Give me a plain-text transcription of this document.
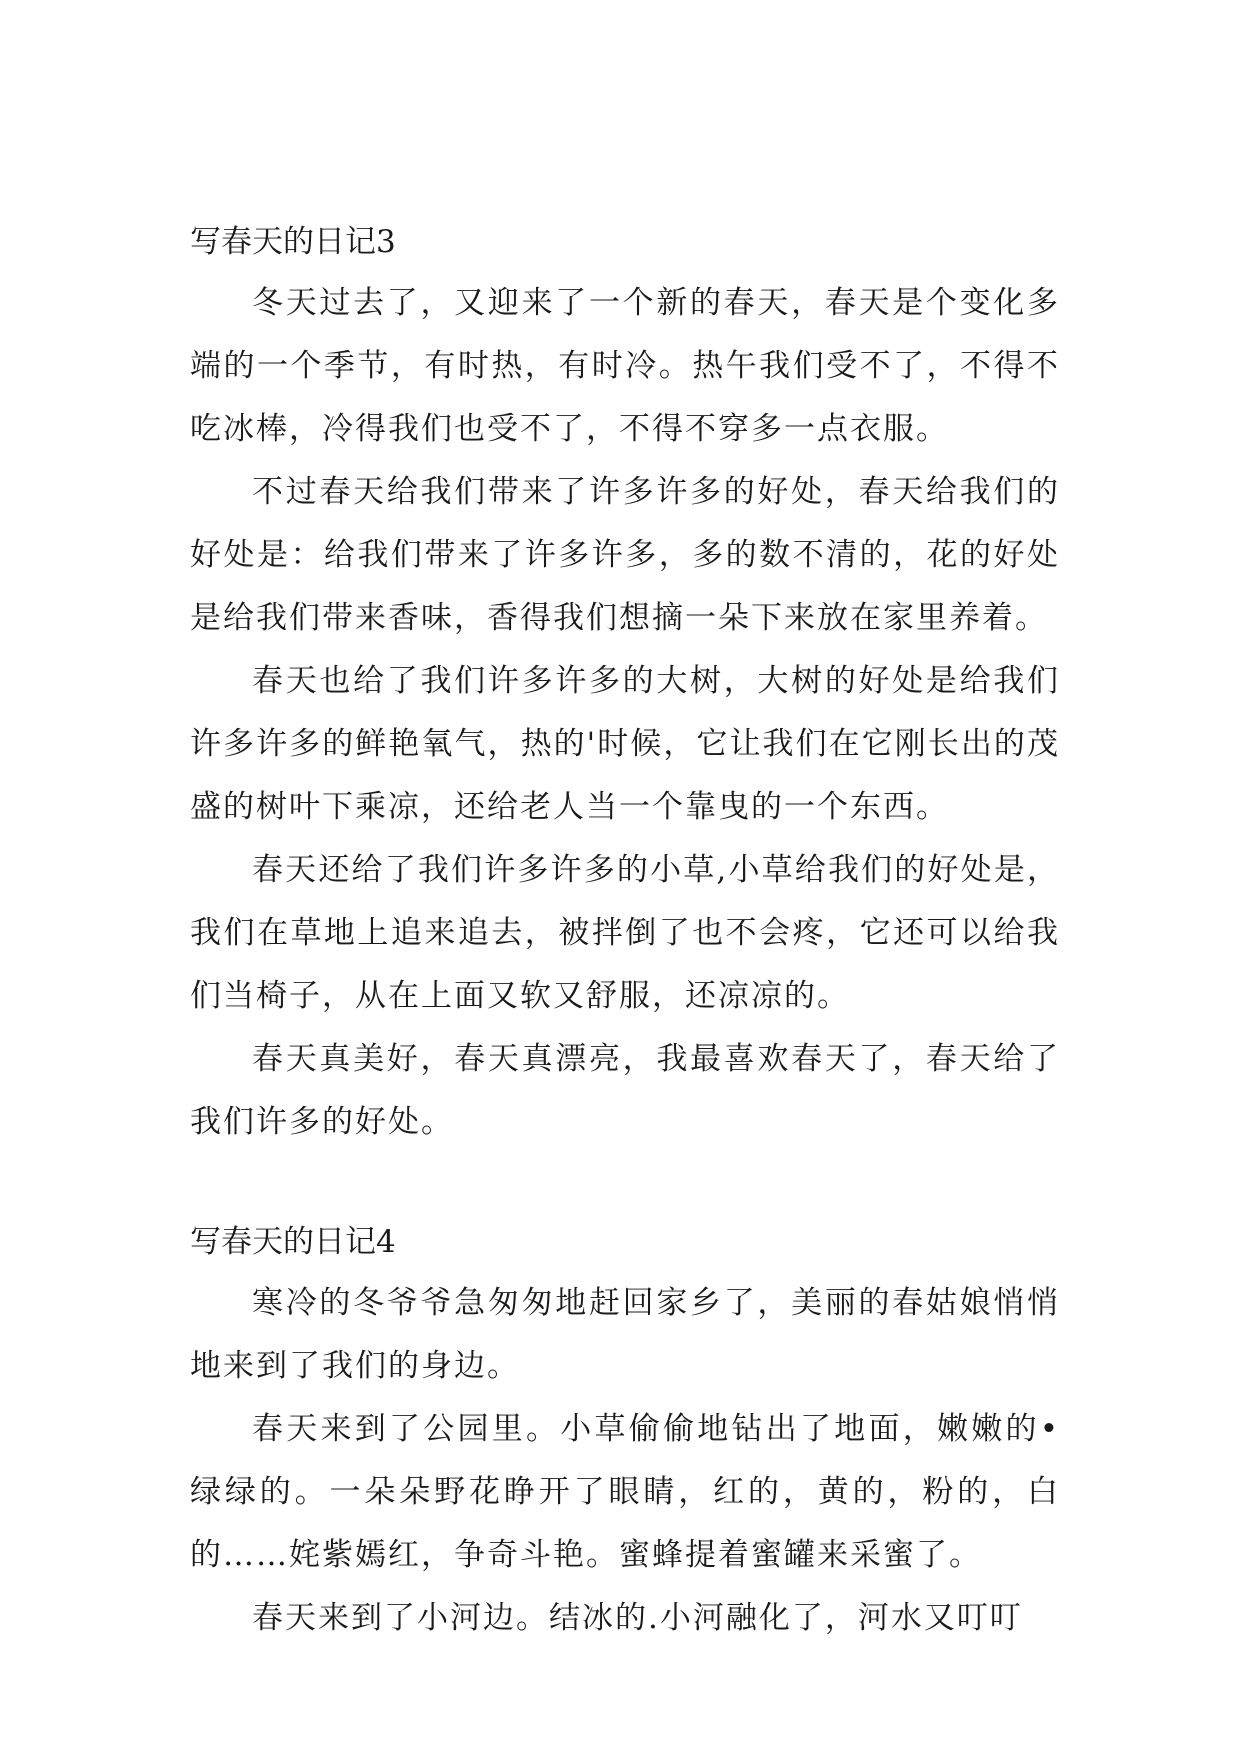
写春天的日记3

冬天过去了，又迎来了一个新的春天，春天是个变化多端的一个季节，有时热，有时冷。热午我们受不了，不得不吃冰棒，冷得我们也受不了，不得不穿多一点衣服。

不过春天给我们带来了许多许多的好处，春天给我们的好处是：给我们带来了许多许多，多的数不清的，花的好处是给我们带来香味，香得我们想摘一朵下来放在家里养着。

春天也给了我们许多许多的大树，大树的好处是给我们许多许多的鲜艳氧气，热的'时候，它让我们在它刚长出的茂盛的树叶下乘凉，还给老人当一个靠曳的一个东西。

春天还给了我们许多许多的小草,小草给我们的好处是，我们在草地上追来追去，被拌倒了也不会疼，它还可以给我们当椅子，从在上面又软又舒服，还凉凉的。

春天真美好，春天真漂亮，我最喜欢春天了，春天给了我们许多的好处。

写春天的日记4

寒冷的冬爷爷急匆匆地赶回家乡了，美丽的春姑娘悄悄地来到了我们的身边。

春天来到了公园里。小草偷偷地钻出了地面，嫩嫩的•绿绿的。一朵朵野花睁开了眼睛，红的，黄的，粉的，白的……姹紫嫣红，争奇斗艳。蜜蜂提着蜜罐来采蜜了。

春天来到了小河边。结冰的.小河融化了，河水又叮叮
